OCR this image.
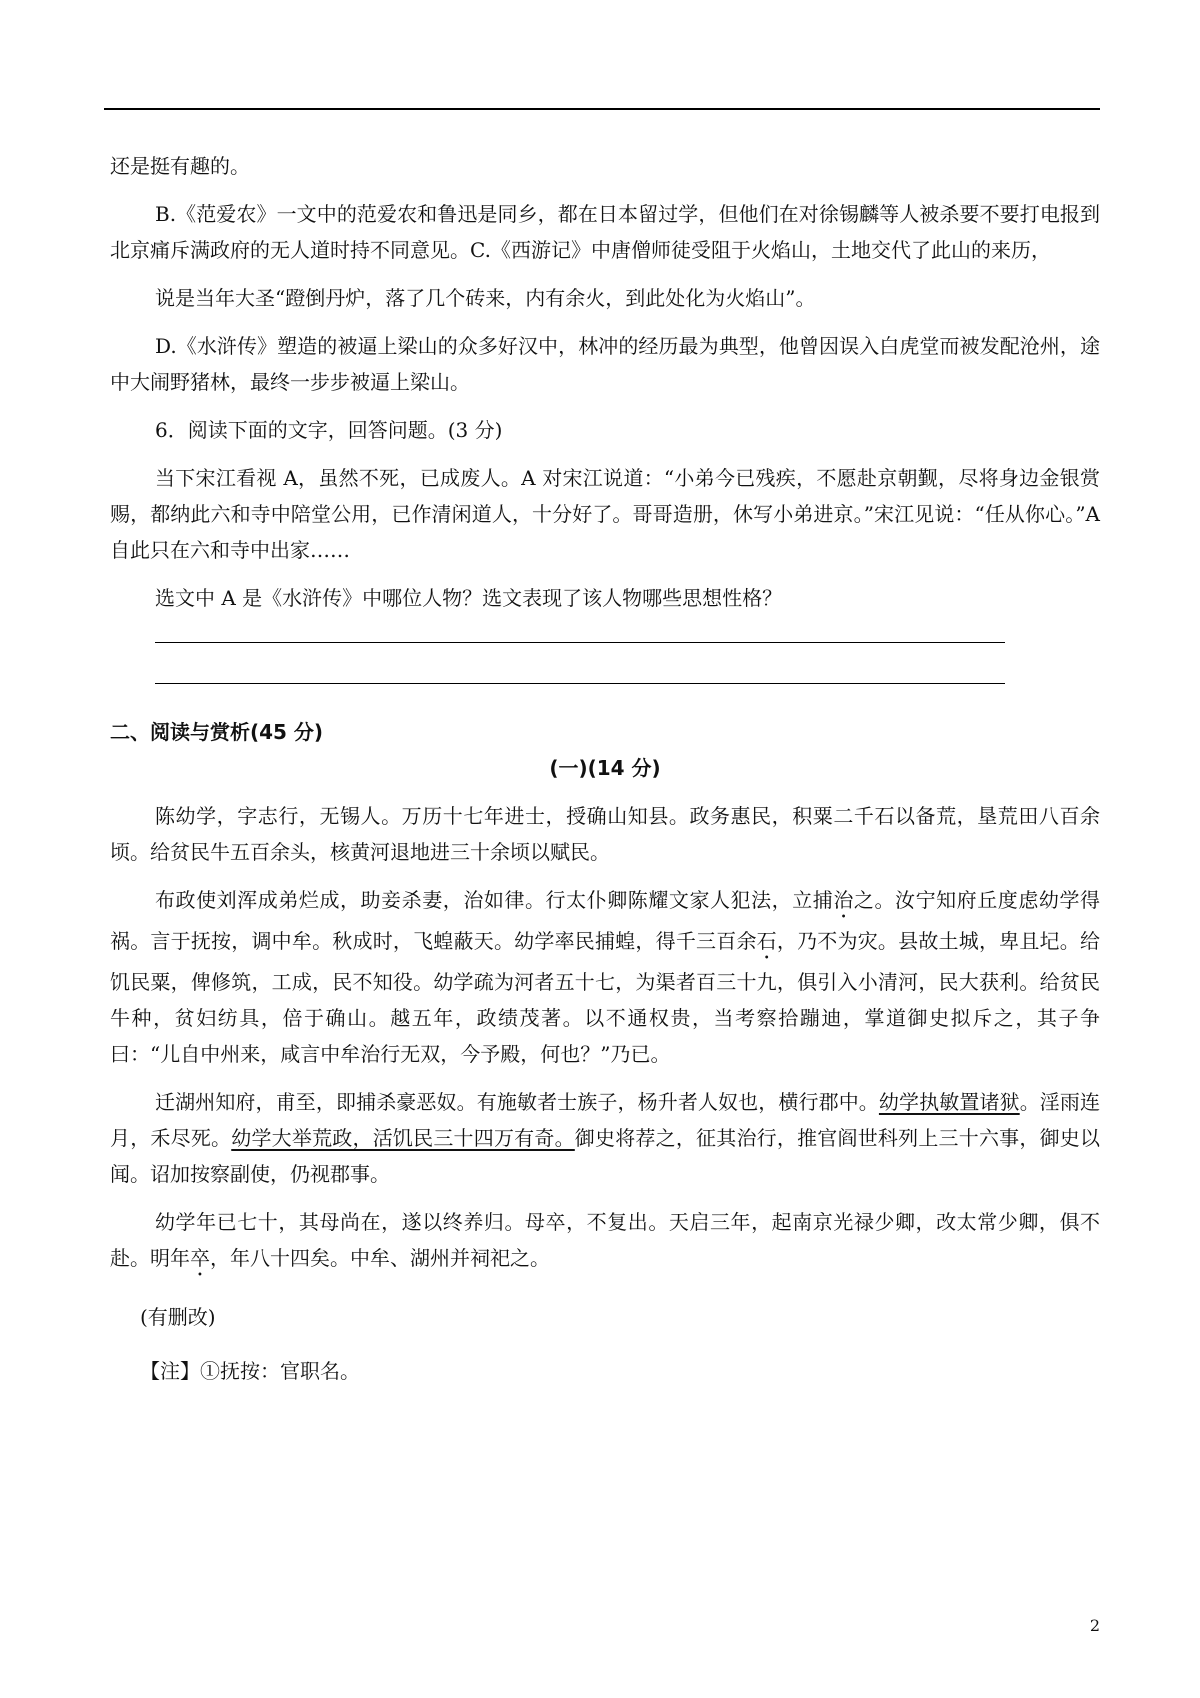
还是挺有趣的。

B.《范爱农》一文中的范爱农和鲁迅是同乡，都在日本留过学，但他们在对徐锡麟等人被杀要不要打电报到北京痛斥满政府的无人道时持不同意见。C.《西游记》中唐僧师徒受阻于火焰山，土地交代了此山的来历，

说是当年大圣“蹬倒丹炉，落了几个砖来，内有余火，到此处化为火焰山”。

D.《水浒传》塑造的被逼上梁山的众多好汉中，林冲的经历最为典型，他曾因误入白虎堂而被发配沧州，途中大闹野猪林，最终一步步被逼上梁山。

6．阅读下面的文字，回答问题。(3 分)

当下宋江看视 A，虽然不死，已成废人。A 对宋江说道：“小弟今已残疾，不愿赴京朝觐，尽将身边金银赏赐，都纳此六和寺中陪堂公用，已作清闲道人，十分好了。哥哥造册，休写小弟进京。”宋江见说：“任从你心。”A 自此只在六和寺中出家……

选文中 A 是《水浒传》中哪位人物？选文表现了该人物哪些思想性格？

二、阅读与赏析(45 分)

(一)(14 分)

陈幼学，字志行，无锡人。万历十七年进士，授确山知县。政务惠民，积粟二千石以备荒，垦荒田八百余顷。给贫民牛五百余头，核黄河退地进三十余顷以赋民。

布政使刘浑成弟烂成，助妾杀妻，治如律。行太仆卿陈耀文家人犯法，立捕治之。汝宁知府丘度虑幼学得祸。言于抚按，调中牟。秋成时，飞蝗蔽天。幼学率民捕蝗，得千三百余石，乃不为灾。县故土城，卑且圮。给饥民粟，俾修筑，工成，民不知役。幼学疏为河者五十七，为渠者百三十九，俱引入小清河，民大获利。给贫民牛种，贫妇纺具，倍于确山。越五年，政绩茂著。以不通权贵，当考察拾蹦迪，掌道御史拟斥之，其子争曰：“儿自中州来，咸言中牟治行无双，今予殿，何也？”乃已。

迁湖州知府，甫至，即捕杀豪恶奴。有施敏者士族子，杨升者人奴也，横行郡中。幼学执敏置诸狱。淫雨连月，禾尽死。幼学大举荒政，活饥民三十四万有奇。御史将荐之，征其治行，推官阎世科列上三十六事，御史以闻。诏加按察副使，仍视郡事。

幼学年已七十，其母尚在，遂以终养归。母卒，不复出。天启三年，起南京光禄少卿，改太常少卿，俱不赴。明年卒，年八十四矣。中牟、湖州并祠祀之。

(有删改)

【注】①抚按：官职名。

2
